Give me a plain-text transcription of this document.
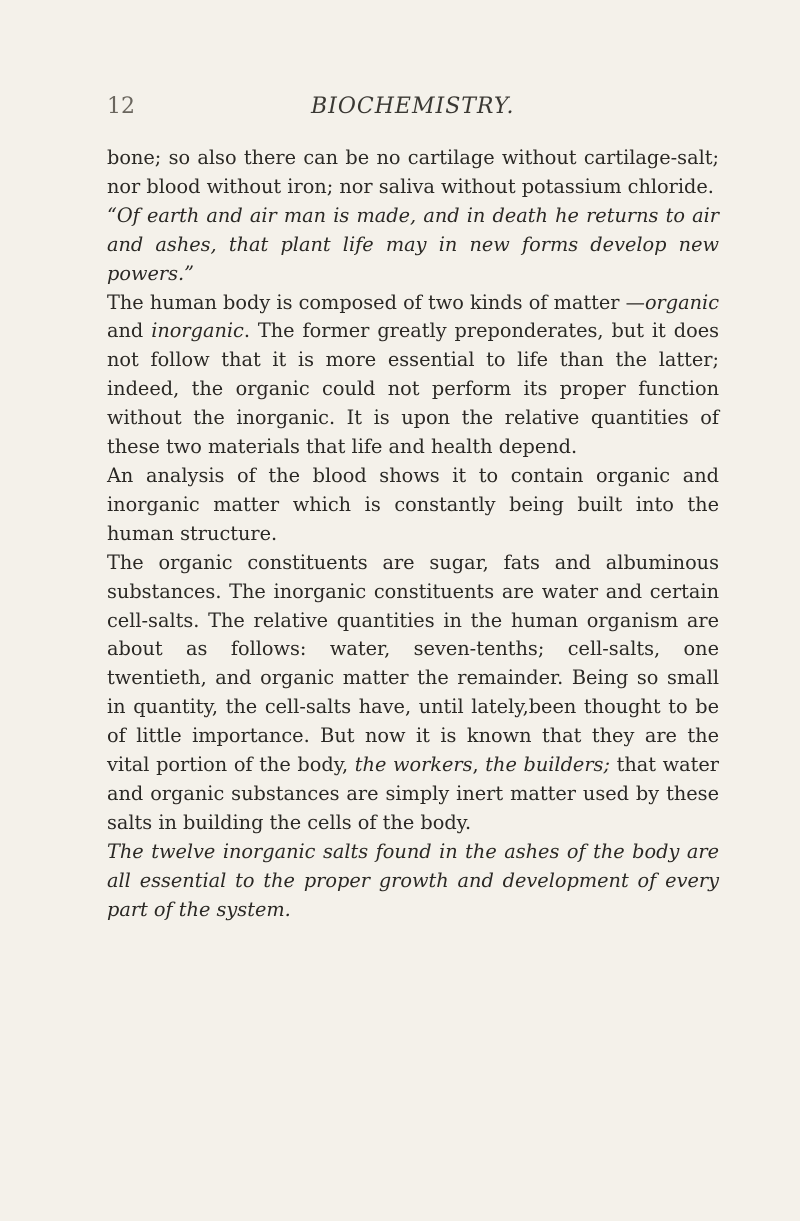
12	BIOCHEMISTRY.

bone; so also there can be no cartilage without cartilage-salt; nor blood without iron; nor saliva without potassium chloride.

“Of earth and air man is made, and in death he returns to air and ashes, that plant life may in new forms develop new powers.”

The human body is composed of two kinds of matter —organic and inorganic. The former greatly preponderates, but it does not follow that it is more essential to life than the latter; indeed, the organic could not perform its proper function without the inorganic. It is upon the relative quantities of these two materials that life and health depend.

An analysis of the blood shows it to contain organic and inorganic matter which is constantly being built into the human structure.

The organic constituents are sugar, fats and albuminous substances. The inorganic constituents are water and certain cell-salts. The relative quantities in the human organism are about as follows: water, seven-tenths; cell-salts, one twentieth, and organic matter the remainder. Being so small in quantity, the cell-salts have, until lately,been thought to be of little importance. But now it is known that they are the vital portion of the body, the workers, the builders; that water and organic substances are simply inert matter used by these salts in building the cells of the body.

The twelve inorganic salts found in the ashes of the body are all essential to the proper growth and development of every part of the system.
